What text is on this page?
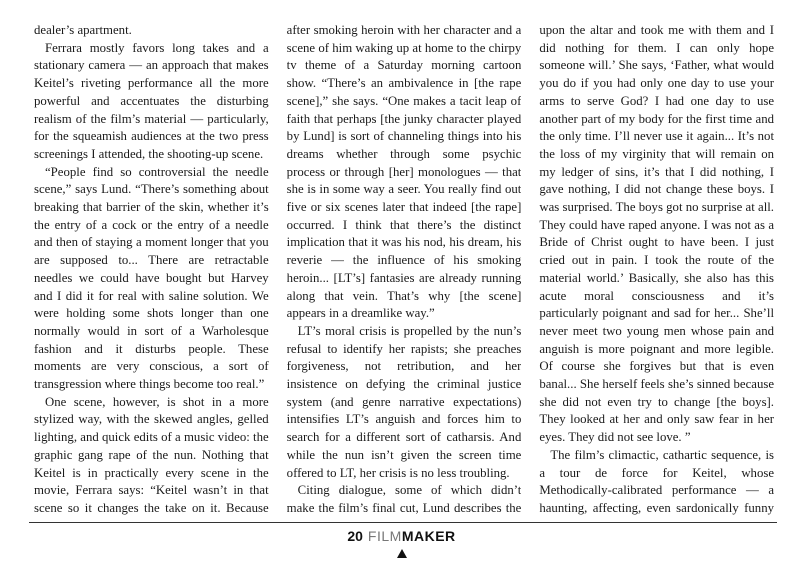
dealer’s apartment.

Ferrara mostly favors long takes and a stationary camera — an approach that makes Keitel’s riveting performance all the more powerful and accentuates the disturbing realism of the film’s material — particularly, for the squeamish audiences at the two press screenings I attended, the shooting-up scene.

“People find so controversial the needle scene,” says Lund. “There’s something about breaking that barrier of the skin, whether it’s the entry of a cock or the entry of a needle and then of staying a moment longer that you are supposed to... There are retractable needles we could have bought but Harvey and I did it for real with saline solution. We were holding some shots longer than one normally would in sort of a Warholesque fashion and it disturbs people. These moments are very conscious, a sort of transgression where things become too real.”

One scene, however, is shot in a more stylized way, with the skewed angles, gelled lighting, and quick edits of a music video: the graphic gang rape of the nun. Nothing that Keitel is in practically every scene in the movie, Ferrara says: “Keitel wasn’t in that scene so it changes the take on it. Because

after smoking heroin with her character and a scene of him waking up at home to the chirpy tv theme of a Saturday morning cartoon show. “There’s an ambivalence in [the rape scene],” she says. “One makes a tacit leap of faith that perhaps [the junky character played by Lund] is sort of channeling things into his dreams whether through some psychic process or through [her] monologues — that she is in some way a seer. You really find out five or six scenes later that indeed [the rape] occurred. I think that there’s the distinct implication that it was his nod, his dream, his reverie — the influence of his smoking heroin... [LT’s] fantasies are already running along that vein. That’s why [the scene] appears in a dreamlike way.”

LT’s moral crisis is propelled by the nun’s refusal to identify her rapists; she preaches forgiveness, not retribution, and her insistence on defying the criminal justice system (and genre narrative expectations) intensifies LT’s anguish and forces him to search for a different sort of catharsis. And while the nun isn’t given the screen time offered to LT, her crisis is no less troubling.

Citing dialogue, some of which didn’t make the film’s final cut, Lund describes the

upon the altar and took me with them and I did nothing for them. I can only hope someone will.’ She says, ‘Father, what would you do if you had only one day to use your arms to serve God? I had one day to use another part of my body for the first time and the only time. I’ll never use it again... It’s not the loss of my virginity that will remain on my ledger of sins, it’s that I did nothing, I gave nothing, I did not change these boys. I was surprised. The boys got no surprise at all. They could have raped anyone. I was not as a Bride of Christ ought to have been. I just cried out in pain. I took the route of the material world.’ Basically, she also has this acute moral consciousness and it’s particularly poignant and sad for her... She’ll never meet two young men whose pain and anguish is more poignant and more legible. Of course she forgives but that is even banal... She herself feels she’s sinned because she did not even try to change [the boys]. They looked at her and only saw fear in her eyes. They did not see love. ”

The film’s climactic, cathartic sequence, is a tour de force for Keitel, whose Methodically-calibrated performance — a haunting, affecting, even sardonically funny

20 FILMMAKER
